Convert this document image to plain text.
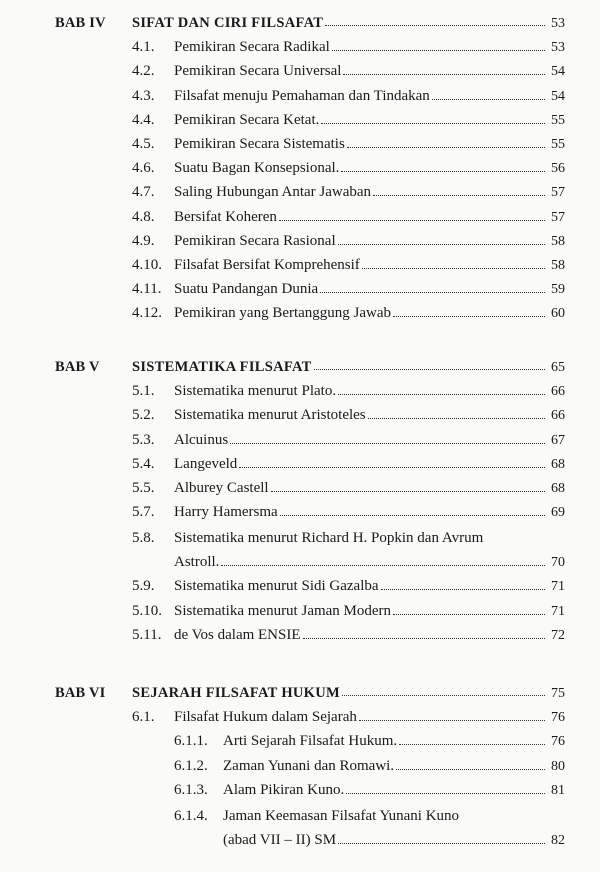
BAB IV	SIFAT DAN CIRI FILSAFAT	53
4.1.	Pemikiran Secara Radikal	53
4.2.	Pemikiran Secara Universal	54
4.3.	Filsafat menuju Pemahaman dan Tindakan	54
4.4.	Pemikiran Secara Ketat.	55
4.5.	Pemikiran Secara Sistematis	55
4.6.	Suatu Bagan Konsepsional.	56
4.7.	Saling Hubungan Antar Jawaban	57
4.8.	Bersifat Koheren	57
4.9.	Pemikiran Secara Rasional	58
4.10. Filsafat Bersifat Komprehensif	58
4.11. Suatu Pandangan Dunia	59
4.12. Pemikiran yang Bertanggung Jawab	60
BAB V	SISTEMATIKA FILSAFAT	65
5.1.	Sistematika menurut Plato.	66
5.2.	Sistematika menurut Aristoteles	66
5.3.	Alcuinus	67
5.4.	Langeveld	68
5.5.	Alburey Castell	68
5.7.	Harry Hamersma	69
5.8.	Sistematika menurut Richard H. Popkin dan Avrum
Astroll.	70
5.9.	Sistematika menurut Sidi Gazalba	71
5.10. Sistematika menurut Jaman Modern	71
5.11. de Vos dalam ENSIE	72
BAB VI	SEJARAH FILSAFAT HUKUM	75
6.1.	Filsafat Hukum dalam Sejarah	76
6.1.1.	Arti Sejarah Filsafat Hukum.	76
6.1.2.	Zaman Yunani dan Romawi.	80
6.1.3.	Alam Pikiran Kuno.	81
6.1.4.	Jaman Keemasan Filsafat Yunani Kuno
(abad VII – II) SM	82
